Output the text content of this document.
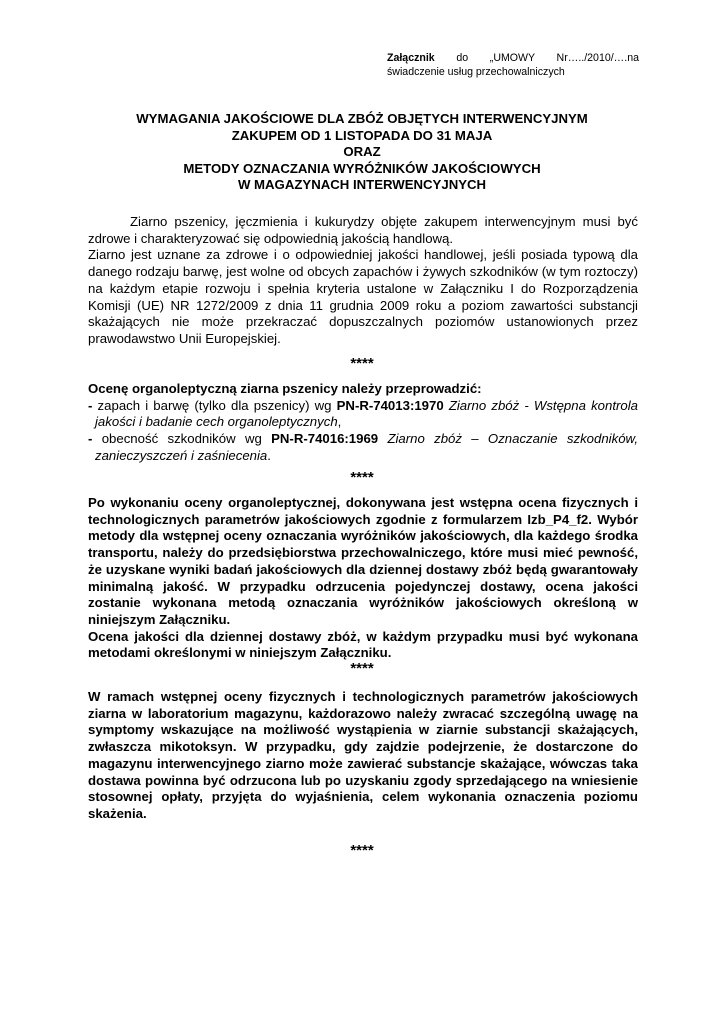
Załącznik do „UMOWY Nr…../2010/….na świadczenie usług przechowalniczych
WYMAGANIA JAKOŚCIOWE DLA ZBÓŻ OBJĘTYCH INTERWENCYJNYM
ZAKUPEM OD 1 LISTOPADA DO 31 MAJA
ORAZ
METODY OZNACZANIA WYRÓŻNIKÓW JAKOŚCIOWYCH
W MAGAZYNACH INTERWENCYJNYCH
Ziarno pszenicy, jęczmienia i kukurydzy objęte zakupem interwencyjnym musi być zdrowe i charakteryzować się odpowiednią jakością handlową.
Ziarno jest uznane za zdrowe i o odpowiedniej jakości handlowej, jeśli posiada typową dla danego rodzaju barwę, jest wolne od obcych zapachów i żywych szkodników (w tym roztoczy) na każdym etapie rozwoju i spełnia kryteria ustalone w Załączniku I do Rozporządzenia Komisji (UE) NR 1272/2009 z dnia 11 grudnia 2009 roku a poziom zawartości substancji skażających nie może przekraczać dopuszczalnych poziomów ustanowionych przez prawodawstwo Unii Europejskiej.
****
Ocenę organoleptyczną ziarna pszenicy należy przeprowadzić:
- zapach i barwę (tylko dla pszenicy) wg PN-R-74013:1970 Ziarno zbóż - Wstępna kontrola jakości i badanie cech organoleptycznych,
- obecność szkodników wg PN-R-74016:1969 Ziarno zbóż – Oznaczanie szkodników, zanieczyszczeń i zaśniecenia.
****
Po wykonaniu oceny organoleptycznej, dokonywana jest wstępna ocena fizycznych i technologicznych parametrów jakościowych zgodnie z formularzem Izb_P4_f2. Wybór metody dla wstępnej oceny oznaczania wyróżników jakościowych, dla każdego środka transportu, należy do przedsiębiorstwa przechowalniczego, które musi mieć pewność, że uzyskane wyniki badań jakościowych dla dziennej dostawy zbóż będą gwarantowały minimalną jakość. W przypadku odrzucenia pojedynczej dostawy, ocena jakości zostanie wykonana metodą oznaczania wyróżników jakościowych określoną w niniejszym Załączniku.
Ocena jakości dla dziennej dostawy zbóż, w każdym przypadku musi być wykonana metodami określonymi w niniejszym Załączniku.
****
W ramach wstępnej oceny fizycznych i technologicznych parametrów jakościowych ziarna w laboratorium magazynu, każdorazowo należy zwracać szczególną uwagę na symptomy wskazujące na możliwość wystąpienia w ziarnie substancji skażających, zwłaszcza mikotoksyn. W przypadku, gdy zajdzie podejrzenie, że dostarczone do magazynu interwencyjnego ziarno może zawierać substancje skażające, wówczas taka dostawa powinna być odrzucona lub po uzyskaniu zgody sprzedającego na wniesienie stosownej opłaty, przyjęta do wyjaśnienia, celem wykonania oznaczenia poziomu skażenia.
****
